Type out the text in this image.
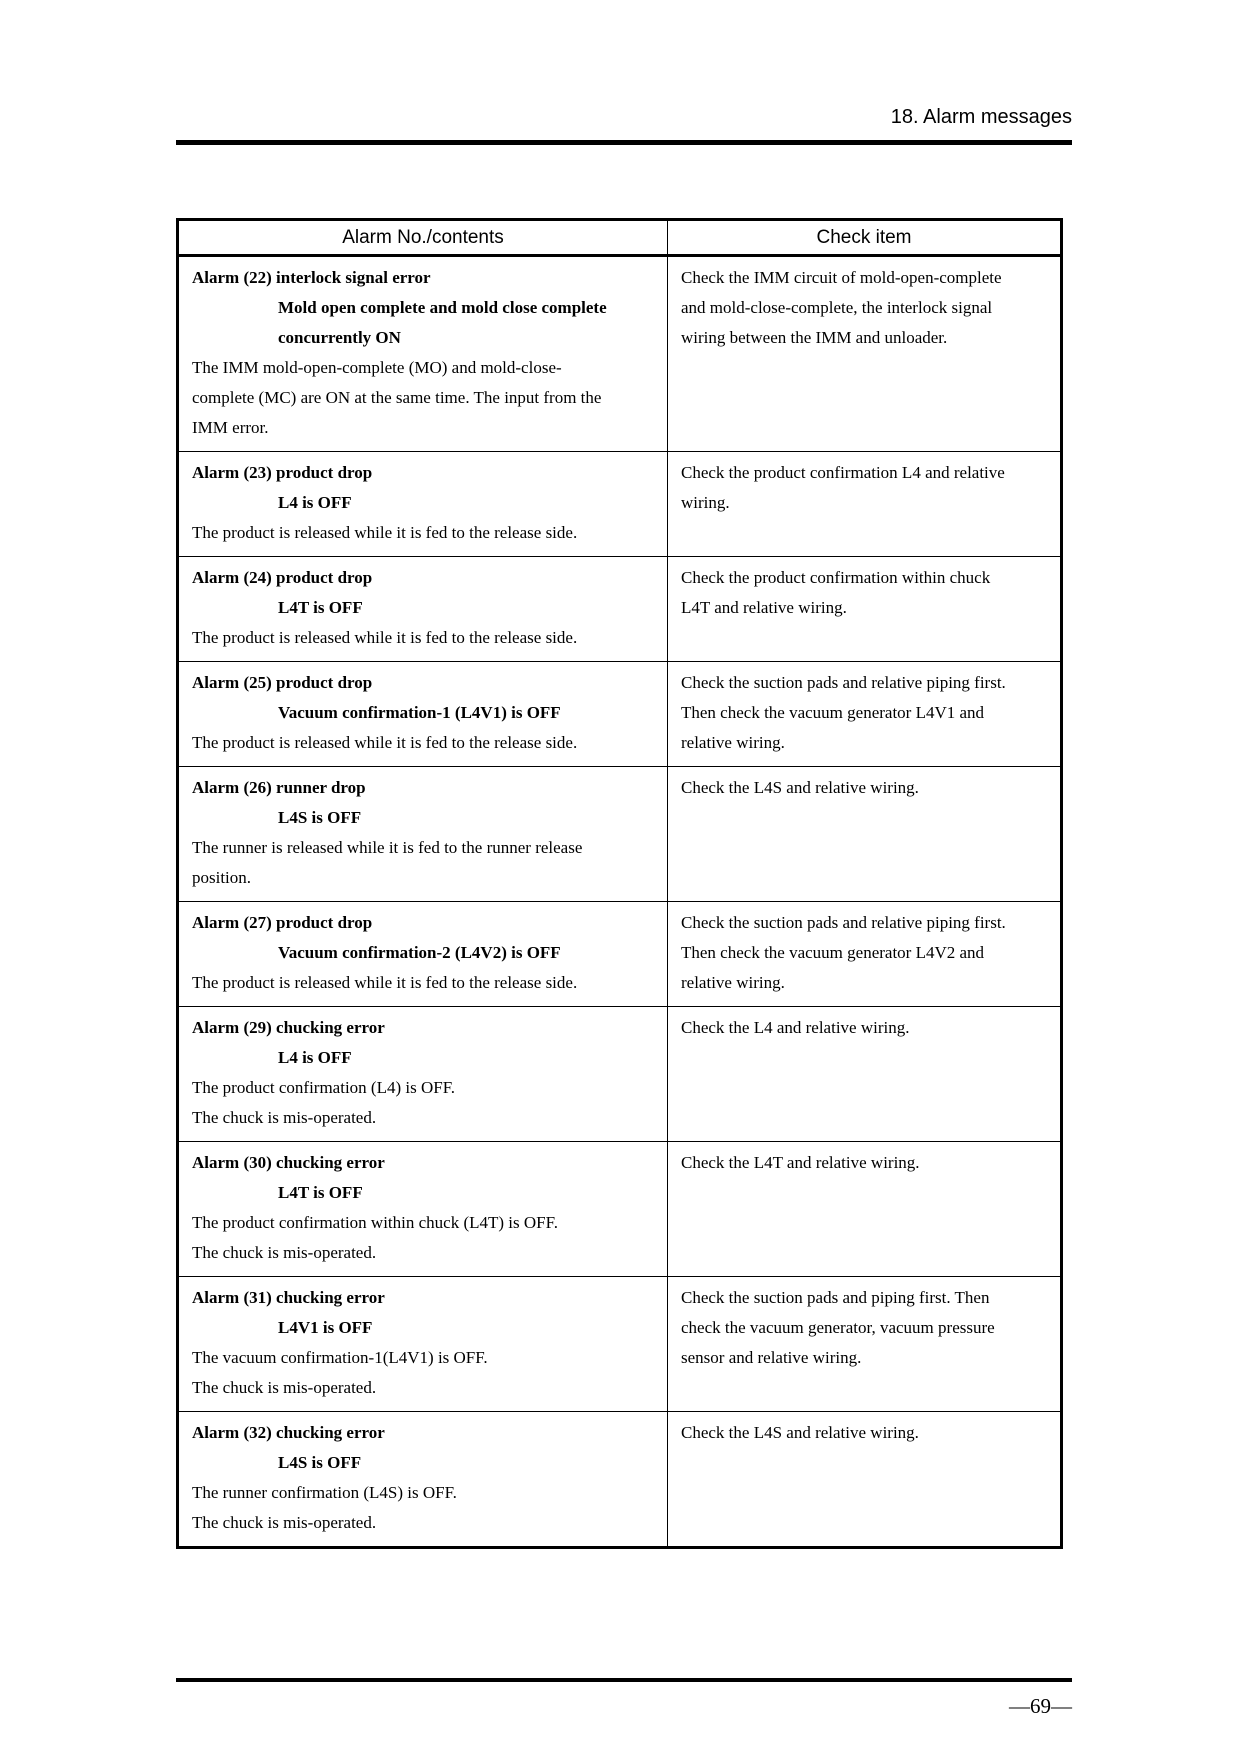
18. Alarm messages
Alarm No./contents	Check item
Alarm (22) interlock signal error
Mold open complete and mold close complete
concurrently ON
The IMM mold-open-complete (MO) and mold-close-
complete (MC) are ON at the same time. The input from the
IMM error.
Check the IMM circuit of mold-open-complete
and mold-close-complete, the interlock signal
wiring between the IMM and unloader.
Alarm (23) product drop
L4 is OFF
The product is released while it is fed to the release side.
Check the product confirmation L4 and relative
wiring.
Alarm (24) product drop
L4T is OFF
The product is released while it is fed to the release side.
Check the product confirmation within chuck
L4T and relative wiring.
Alarm (25) product drop
Vacuum confirmation-1 (L4V1) is OFF
The product is released while it is fed to the release side.
Check the suction pads and relative piping first.
Then check the vacuum generator L4V1 and
relative wiring.
Alarm (26) runner drop
L4S is OFF
The runner is released while it is fed to the runner release
position.
Check the L4S and relative wiring.
Alarm (27) product drop
Vacuum confirmation-2 (L4V2) is OFF
The product is released while it is fed to the release side.
Check the suction pads and relative piping first.
Then check the vacuum generator L4V2 and
relative wiring.
Alarm (29) chucking error
L4 is OFF
The product confirmation (L4) is OFF.
The chuck is mis-operated.
Check the L4 and relative wiring.
Alarm (30) chucking error
L4T is OFF
The product confirmation within chuck (L4T) is OFF.
The chuck is mis-operated.
Check the L4T and relative wiring.
Alarm (31) chucking error
L4V1 is OFF
The vacuum confirmation-1(L4V1) is OFF.
The chuck is mis-operated.
Check the suction pads and piping first. Then
check the vacuum generator, vacuum pressure
sensor and relative wiring.
Alarm (32) chucking error
L4S is OFF
The runner confirmation (L4S) is OFF.
The chuck is mis-operated.
Check the L4S and relative wiring.
—69—
